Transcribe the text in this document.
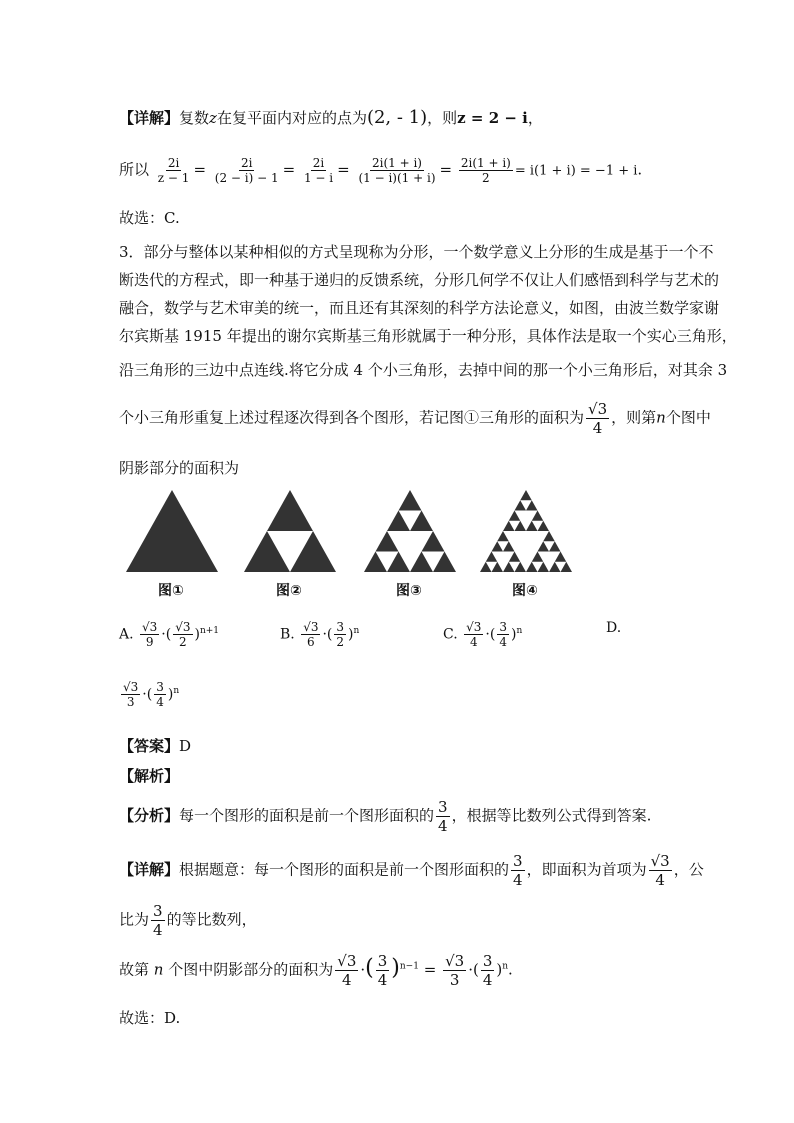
【详解】复数z在复平面内对应的点为(2, - 1)，则z = 2 − i，
所以 $\frac{2i}{z - 1} = \frac{2i}{(2 - i) - 1} = \frac{2i}{1 - i} = \frac{2i(1 + i)}{(1 - i)(1 + i)} = \frac{2i(1 + i)}{2} = i(1 + i) = -1 + i$.
故选：C.
3．部分与整体以某种相似的方式呈现称为分形，一个数学意义上分形的生成是基于一个不
断迭代的方程式，即一种基于递归的反馈系统，分形几何学不仅让人们感悟到科学与艺术的
融合，数学与艺术审美的统一，而且还有其深刻的科学方法论意义，如图，由波兰数学家谢
尔宾斯基 1915 年提出的谢尔宾斯基三角形就属于一种分形，具体作法是取一个实心三角形，
沿三角形的三边中点连线.将它分成 4 个小三角形，去掉中间的那一个小三角形后，对其余 3
个小三角形重复上述过程逐次得到各个图形，若记图①三角形的面积为 $\frac{√3}{4}$ ，则第n个图中
阴影部分的面积为
图①	图②	图③	图④
A. $\frac{√3}{9}$ ·( $\frac{√3}{2} )^{n+1}$	B. $\frac{√3}{6}$ ·( $\frac{3}{2} )^n$	C. $\frac{√3}{4}$ ·( $\frac{3}{4} )^n$	D.
$\frac{√3}{3}$ ·( $\frac{3}{4} )^n$
【答案】D
【解析】
【分析】每一个图形的面积是前一个图形面积的 $\frac{3}{4}$ ，根据等比数列公式得到答案.
【详解】根据题意：每一个图形的面积是前一个图形面积的 $\frac{3}{4}$ ，即面积为首项为 $\frac{√3}{4}$ ，公
比为 $\frac{3}{4}$ 的等比数列，
故第 n 个图中阴影部分的面积为 $\frac{√3}{4}$ ·( $\frac{3}{4} )^{n-1} = \frac{√3}{3}$ ·( $\frac{3}{4} )^n$.
故选：D.
